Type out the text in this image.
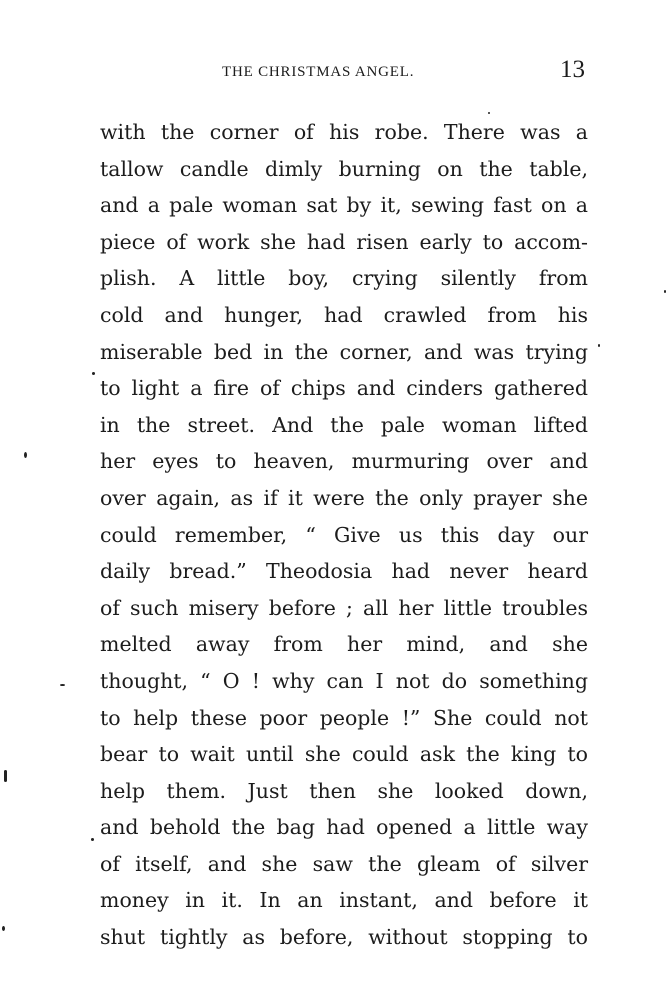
THE CHRISTMAS ANGEL.	13
with the corner of his robe. There was a
tallow candle dimly burning on the table,
and a pale woman sat by it, sewing fast on a
piece of work she had risen early to accom-
plish. A little boy, crying silently from
cold and hunger, had crawled from his
miserable bed in the corner, and was trying
to light a fire of chips and cinders gathered
in the street. And the pale woman lifted
her eyes to heaven, murmuring over and
over again, as if it were the only prayer she
could remember, “ Give us this day our
daily bread.” Theodosia had never heard
of such misery before ; all her little troubles
melted away from her mind, and she
thought, “ O ! why can I not do something
to help these poor people !” She could not
bear to wait until she could ask the king to
help them. Just then she looked down,
and behold the bag had opened a little way
of itself, and she saw the gleam of silver
money in it. In an instant, and before it
shut tightly as before, without stopping to
